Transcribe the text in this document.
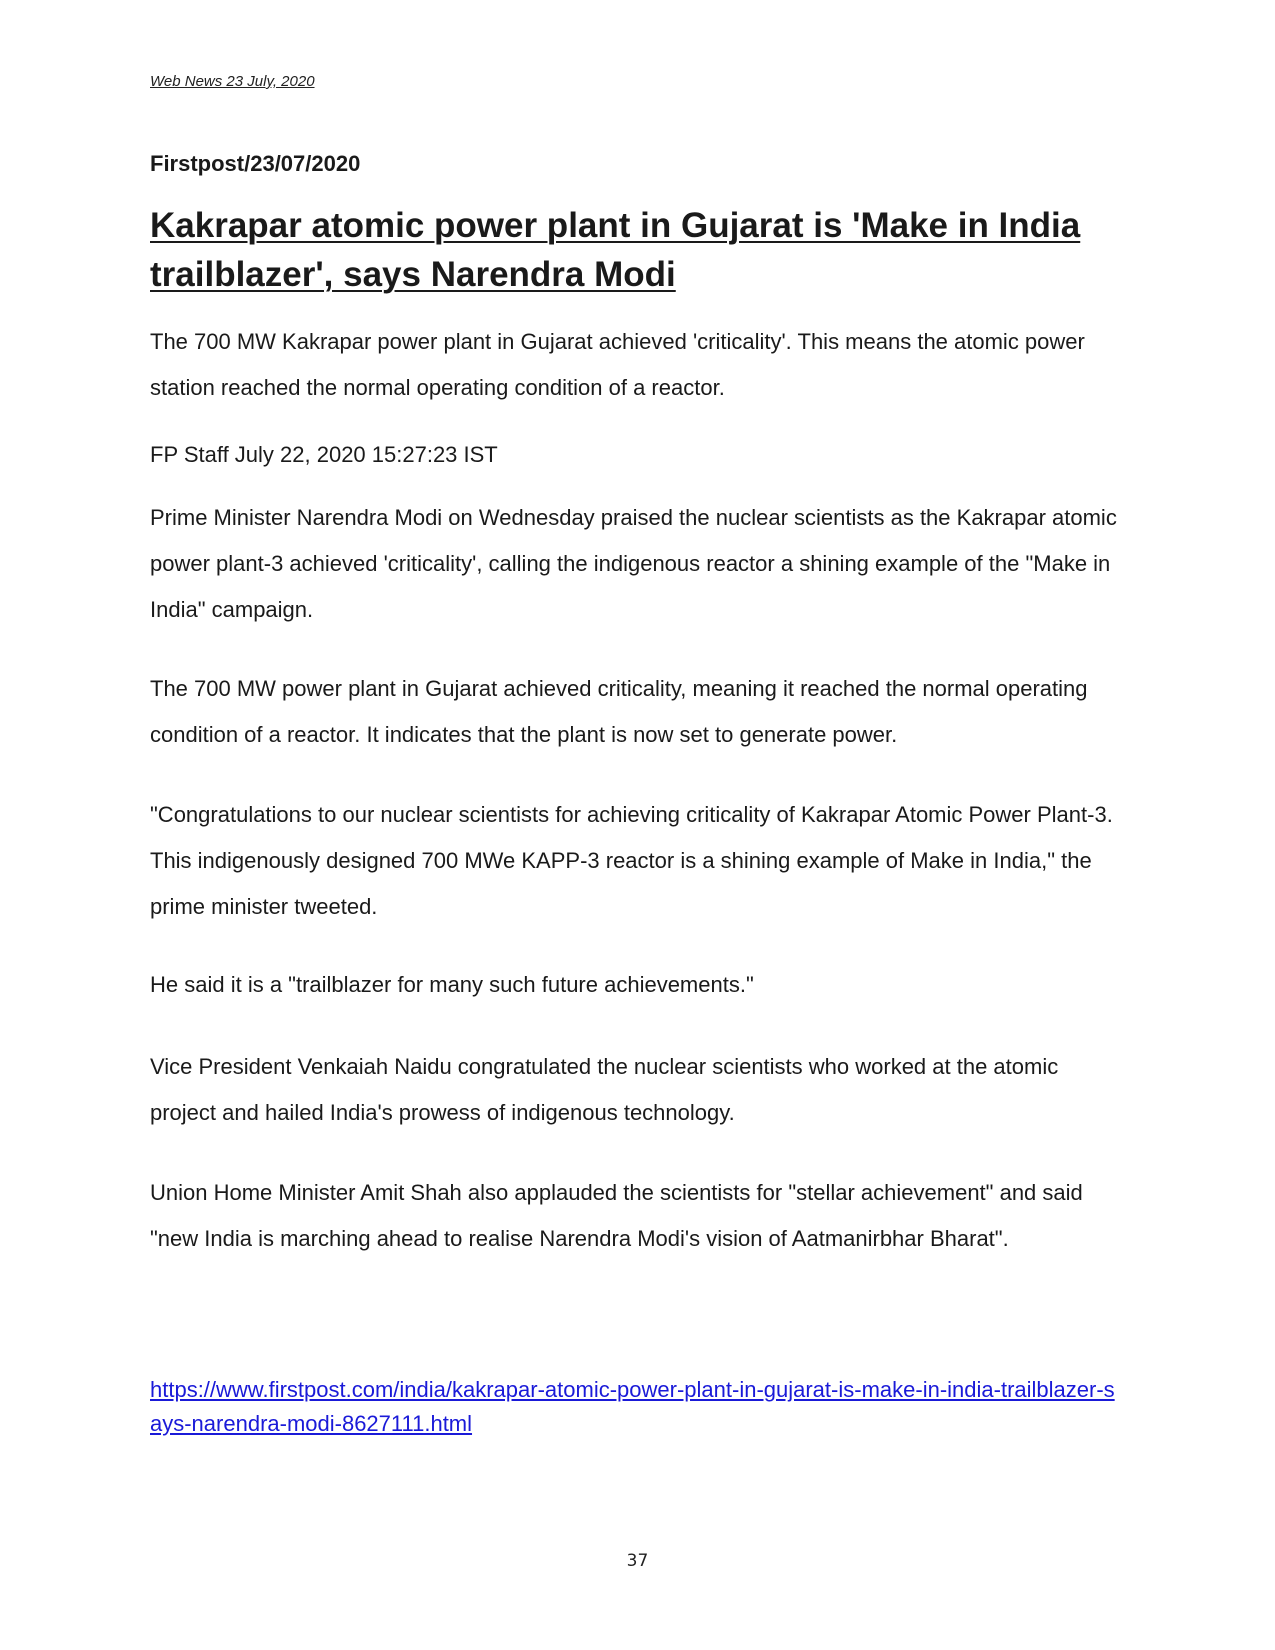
Web News 23 July, 2020
Firstpost/23/07/2020
Kakrapar atomic power plant in Gujarat is 'Make in India trailblazer', says Narendra Modi

The 700 MW Kakrapar power plant in Gujarat achieved 'criticality'. This means the atomic power station reached the normal operating condition of a reactor.

FP Staff July 22, 2020 15:27:23 IST

Prime Minister Narendra Modi on Wednesday praised the nuclear scientists as the Kakrapar atomic power plant-3 achieved 'criticality', calling the indigenous reactor a shining example of the "Make in India" campaign.

The 700 MW power plant in Gujarat achieved criticality, meaning it reached the normal operating condition of a reactor. It indicates that the plant is now set to generate power.

"Congratulations to our nuclear scientists for achieving criticality of Kakrapar Atomic Power Plant-3. This indigenously designed 700 MWe KAPP-3 reactor is a shining example of Make in India," the prime minister tweeted.

He said it is a "trailblazer for many such future achievements."

Vice President Venkaiah Naidu congratulated the nuclear scientists who worked at the atomic project and hailed India's prowess of indigenous technology.

Union Home Minister Amit Shah also applauded the scientists for "stellar achievement" and said "new India is marching ahead to realise Narendra Modi's vision of Aatmanirbhar Bharat".

https://www.firstpost.com/india/kakrapar-atomic-power-plant-in-gujarat-is-make-in-india-trailblazer-says-narendra-modi-8627111.html
37
